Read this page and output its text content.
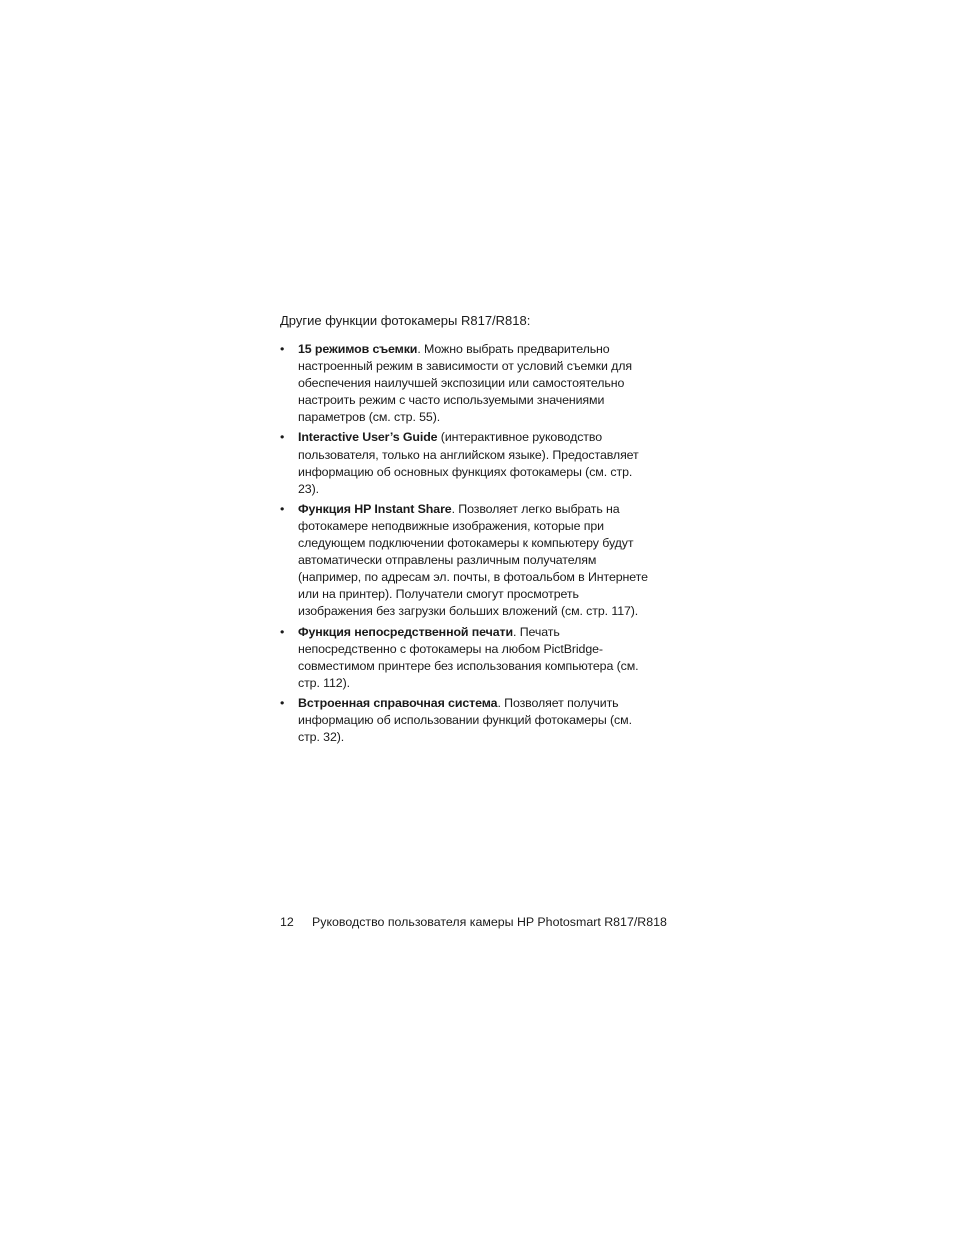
Другие функции фотокамеры R817/R818:

• 15 режимов съемки. Можно выбрать предварительно настроенный режим в зависимости от условий съемки для обеспечения наилучшей экспозиции или самостоятельно настроить режим с часто используемыми значениями параметров (см. стр. 55).
• Interactive User’s Guide (интерактивное руководство пользователя, только на английском языке). Предоставляет информацию об основных функциях фотокамеры (см. стр. 23).
• Функция HP Instant Share. Позволяет легко выбрать на фотокамере неподвижные изображения, которые при следующем подключении фотокамеры к компьютеру будут автоматически отправлены различным получателям (например, по адресам эл. почты, в фотоальбом в Интернете или на принтер). Получатели смогут просмотреть изображения без загрузки больших вложений (см. стр. 117).
• Функция непосредственной печати. Печать непосредственно с фотокамеры на любом PictBridge-совместимом принтере без использования компьютера (см. стр. 112).
• Встроенная справочная система. Позволяет получить информацию об использовании функций фотокамеры (см. стр. 32).
12 Руководство пользователя камеры HP Photosmart R817/R818
